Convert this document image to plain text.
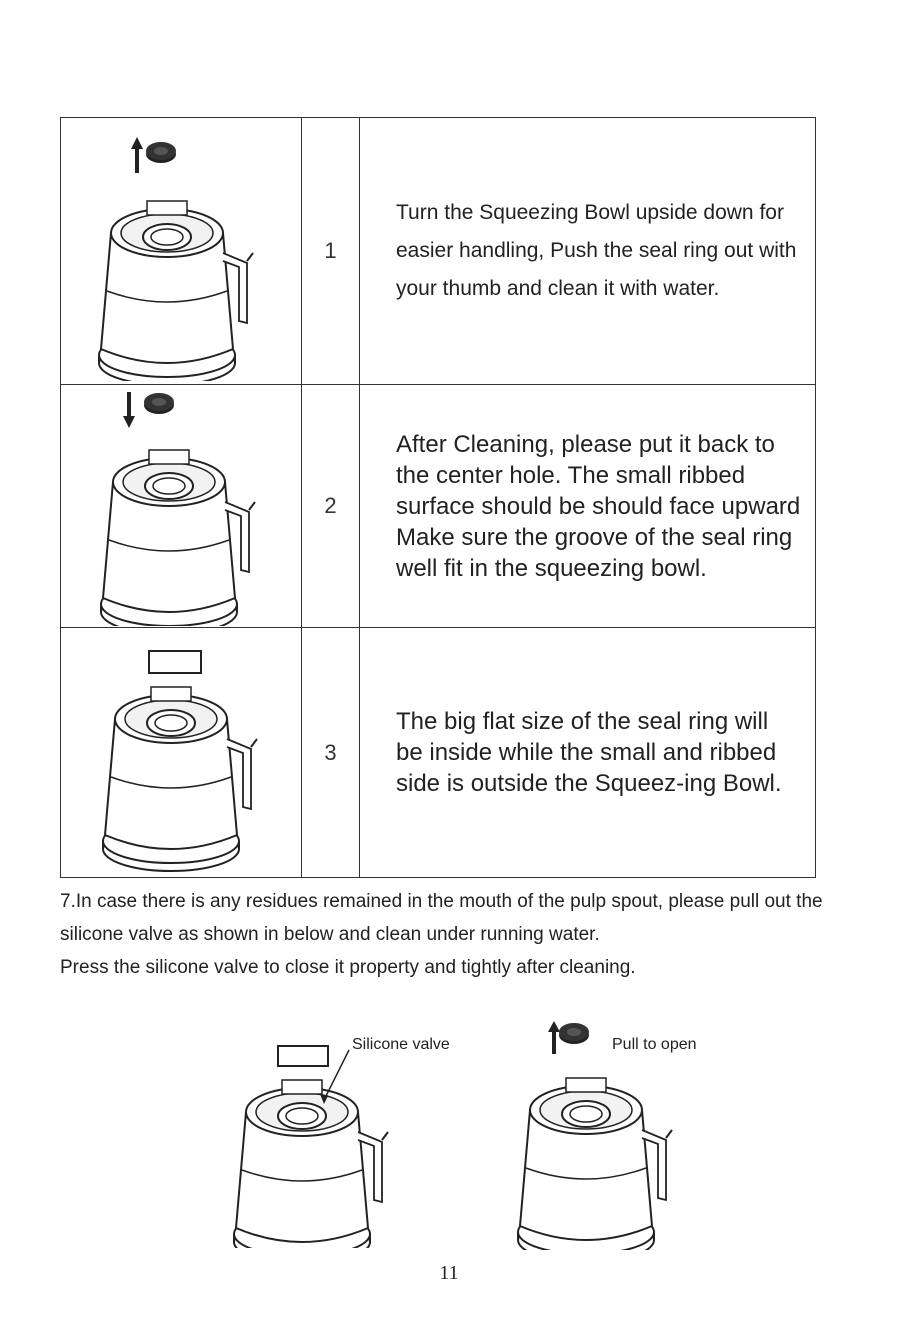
	1	Turn the Squeezing Bowl upside down for easier handling, Push the seal ring out with your thumb and clean it with water.

	2	After Cleaning, please put it back to the center hole. The small ribbed surface should be should face upward Make sure the groove of the seal ring well fit in the squeezing bowl.

	3	The big flat size of the seal ring will be inside while the small and ribbed side is outside the Squeez-ing Bowl.

7.In case there is any residues remained in the mouth of the pulp spout, please pull out the silicone valve as shown in below and clean under running water.
Press the silicone valve to close it property and tightly after cleaning.

Silicone valve	Pull to open
11
